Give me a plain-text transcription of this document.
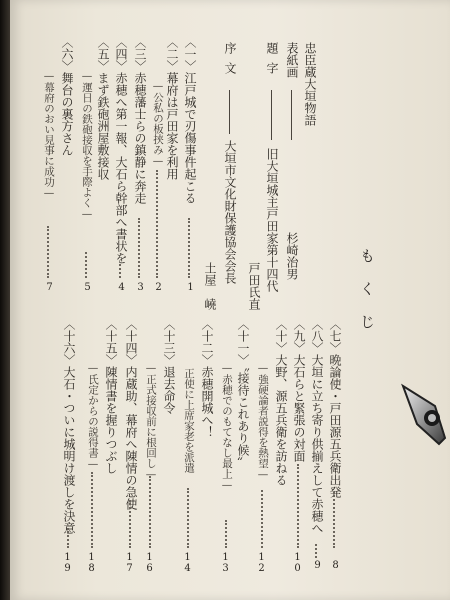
もくじ
忠臣蔵大垣物語
表紙画
杉崎治男
題字
旧大垣城主戸田家第十四代
戸田氏直
序文
大垣市文化財保護協会会長
土屋　嶢
〈一〉江戸城で刃傷事件起こる
1
〈二〉幕府は戸田家を利用
—公私の板挟み—
2
〈三〉赤穂藩士らの鎮静に奔走
3
〈四〉赤穂へ第一報、大石ら幹部へ書状を
4
〈五〉まず鉄砲洲屋敷接収
—運日の鉄砲接収を手際よく—
5
〈六〉舞台の裏方さん
—幕府のおい見事に成功—
7
〈七〉晩論使・戸田源五兵衛出発
8
〈八〉大垣に立ち寄り供揃えして赤穂へ
9
〈九〉大石らと緊張の対面
10
〈十〉大野、源五兵衛を訪ねる
—強硬論者説得を熱望—
12
〈十一〉〝接待これあり候〟
—赤穂でのもてなし最上—
13
〈十二〉赤穂開城へ！
正使に上席家老を派遣
14
〈十三〉退去命令
—正式接収前に根回し—
16
〈十四〉内蔵助、幕府へ陳情の急使
17
〈十五〉陳情書を握りつぶし
—氏定からの説得書—
18
〈十六〉大石・ついに城明け渡しを決意
19
